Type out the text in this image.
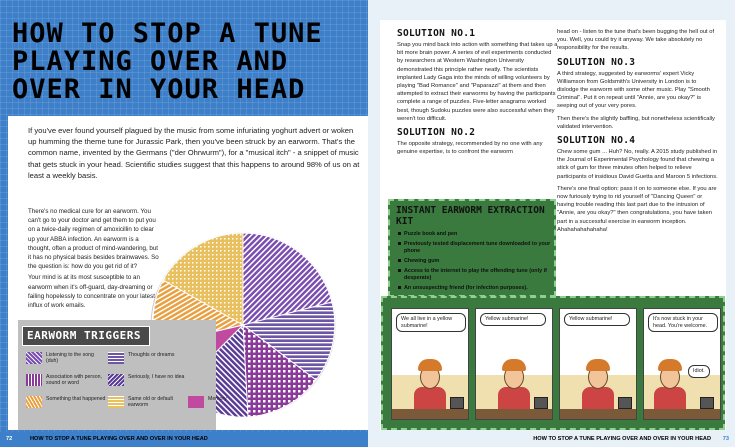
HOW TO STOP A TUNE PLAYING OVER AND OVER IN YOUR HEAD
If you've ever found yourself plagued by the music from some infuriating yoghurt advert or woken up humming the theme tune for Jurassic Park, then you've been struck by an earworm. That's the common name, invented by the Germans ("der Ohrwurm"), for a "musical itch" - a snippet of music that gets stuck in your head. Scientific studies suggest that this happens to around 98% of us on at least a weekly basis.

There's no medical cure for an earworm. You can't go to your doctor and get them to put you on a twice-daily regimen of amoxicillin to clear up your ABBA infection. An earworm is a thought, often a product of mind-wandering, but it has no physical basis besides brainwaves. So the question is: how do you get rid of it?

Your mind is at its most susceptible to an earworm when it's off-guard, day-dreaming or failing hopelessly to concentrate on your latest influx of work emails.

EARWORM TRIGGERS
Listening to the song (duh)
Thoughts or dreams
Association with person, sound or word
Seriously, I have no idea
Something that happened	Same old or default earworm
Memory
72	HOW TO STOP A TUNE PLAYING OVER AND OVER IN YOUR HEAD
SOLUTION NO.1
Snap you mind back into action with something that takes up a bit more brain power. A series of evil experiments conducted by researchers at Western Washington University demonstrated this principle rather neatly. The scientists implanted Lady Gaga into the minds of willing volunteers by playing "Bad Romance" and "Paparazzi" at them and then attempted to extract their earworms by having the participants complete a range of puzzles. Five-letter anagrams worked best, though Sudoku puzzles were also successful when they weren't too difficult.
SOLUTION NO.2
The opposite strategy, recommended by no one with any genuine expertise, is to confront the earworm
head on - listen to the tune that's been bugging the hell out of you. Well, you could try it anyway. We take absolutely no responsibility for the results.
SOLUTION NO.3
A third strategy, suggested by earworms' expert Vicky Williamson from Goldsmith's University in London is to dislodge the earworm with some other music. Play "Smooth Criminal". Put it on repeat until "Annie, are you okay?" is seeping out of your very pores.
Then there's the slightly baffling, but nonetheless scientifically validated intervention.
SOLUTION NO.4
Chew some gum ... Huh? No, really. A 2015 study published in the Journal of Experimental Psychology found that chewing a stick of gum for three minutes often helped to relieve participants of insidious David Guetta and Maroon 5 infections.
There's one final option: pass it on to someone else. If you are now furiously trying to rid yourself of "Dancing Queen" or having trouble reading this last part due to the intrusion of "Annie, are you okay?" then congratulations, you have taken part in a successful exercise in earworm inception. Ahahahahahahaha!
INSTANT EARWORM EXTRACTION KIT
Puzzle book and pen
Previously tested displacement tune downloaded to your phone
Chewing gum
Access to the internet to play the offending tune (only if desperate)
An unsuspecting friend (for infection purposes).
We all live in a yellow submarine!
Yellow submarine!	Yellow submarine!	It's now stuck in your head. You're welcome.
Idiot.
HOW TO STOP A TUNE PLAYING OVER AND OVER IN YOUR HEAD 73
